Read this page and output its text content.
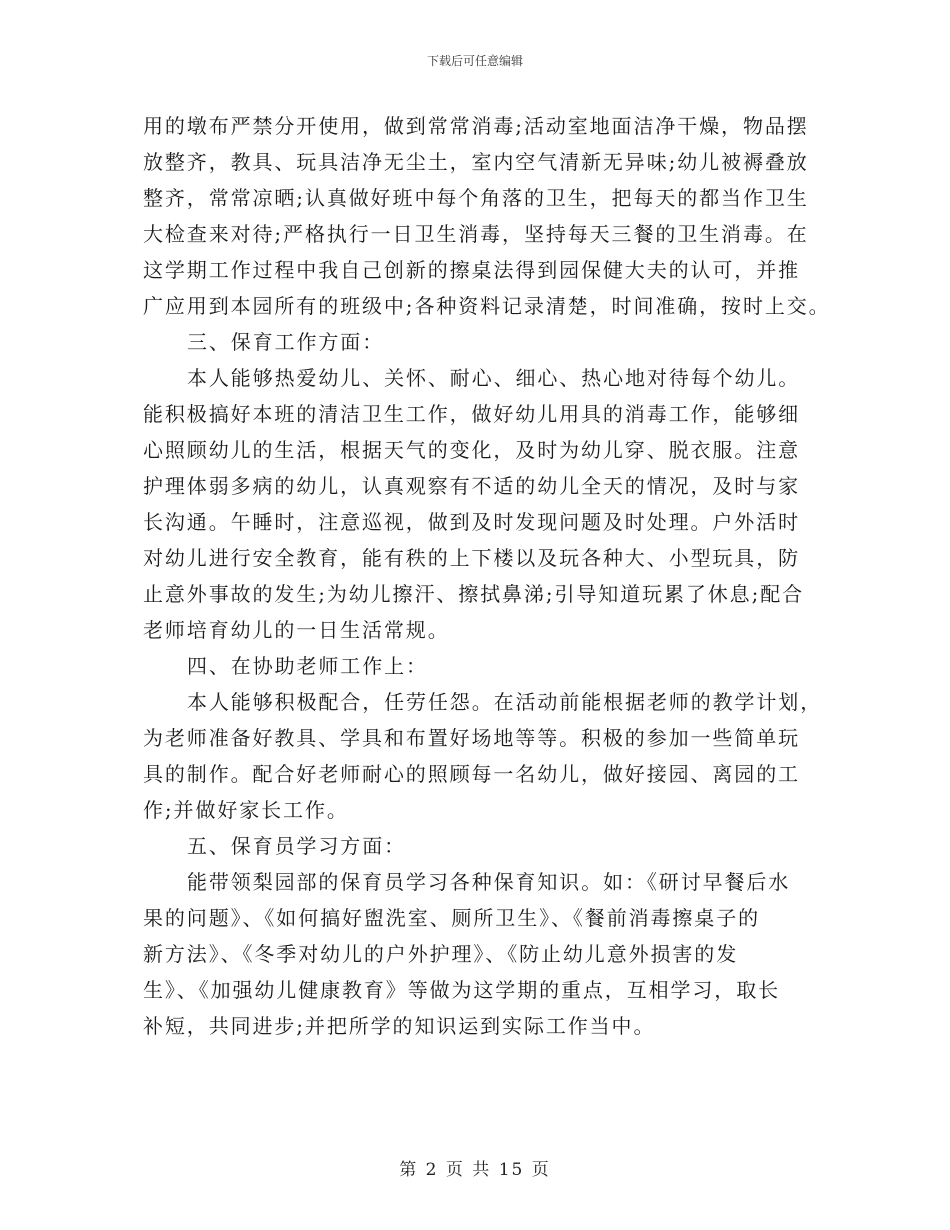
下载后可任意编辑
用的墩布严禁分开使用，做到常常消毒;活动室地面洁净干燥，物品摆
放整齐，教具、玩具洁净无尘土，室内空气清新无异味;幼儿被褥叠放
整齐，常常凉晒;认真做好班中每个角落的卫生，把每天的都当作卫生
大检查来对待;严格执行一日卫生消毒，坚持每天三餐的卫生消毒。在
这学期工作过程中我自己创新的擦桌法得到园保健大夫的认可，并推
广应用到本园所有的班级中;各种资料记录清楚，时间准确，按时上交。
三、保育工作方面：
本人能够热爱幼儿、关怀、耐心、细心、热心地对待每个幼儿。
能积极搞好本班的清洁卫生工作，做好幼儿用具的消毒工作，能够细
心照顾幼儿的生活，根据天气的变化，及时为幼儿穿、脱衣服。注意
护理体弱多病的幼儿，认真观察有不适的幼儿全天的情况，及时与家
长沟通。午睡时，注意巡视，做到及时发现问题及时处理。户外活时
对幼儿进行安全教育，能有秩的上下楼以及玩各种大、小型玩具，防
止意外事故的发生;为幼儿擦汗、擦拭鼻涕;引导知道玩累了休息;配合
老师培育幼儿的一日生活常规。
四、在协助老师工作上：
本人能够积极配合，任劳任怨。在活动前能根据老师的教学计划，
为老师准备好教具、学具和布置好场地等等。积极的参加一些简单玩
具的制作。配合好老师耐心的照顾每一名幼儿，做好接园、离园的工
作;并做好家长工作。
五、保育员学习方面：
能带领梨园部的保育员学习各种保育知识。如：《研讨早餐后水
果的问题》、《如何搞好盥洗室、厕所卫生》、《餐前消毒擦桌子的
新方法》、《冬季对幼儿的户外护理》、《防止幼儿意外损害的发
生》、《加强幼儿健康教育》等做为这学期的重点，互相学习，取长
补短，共同进步;并把所学的知识运到实际工作当中。
第 2 页 共 15 页
